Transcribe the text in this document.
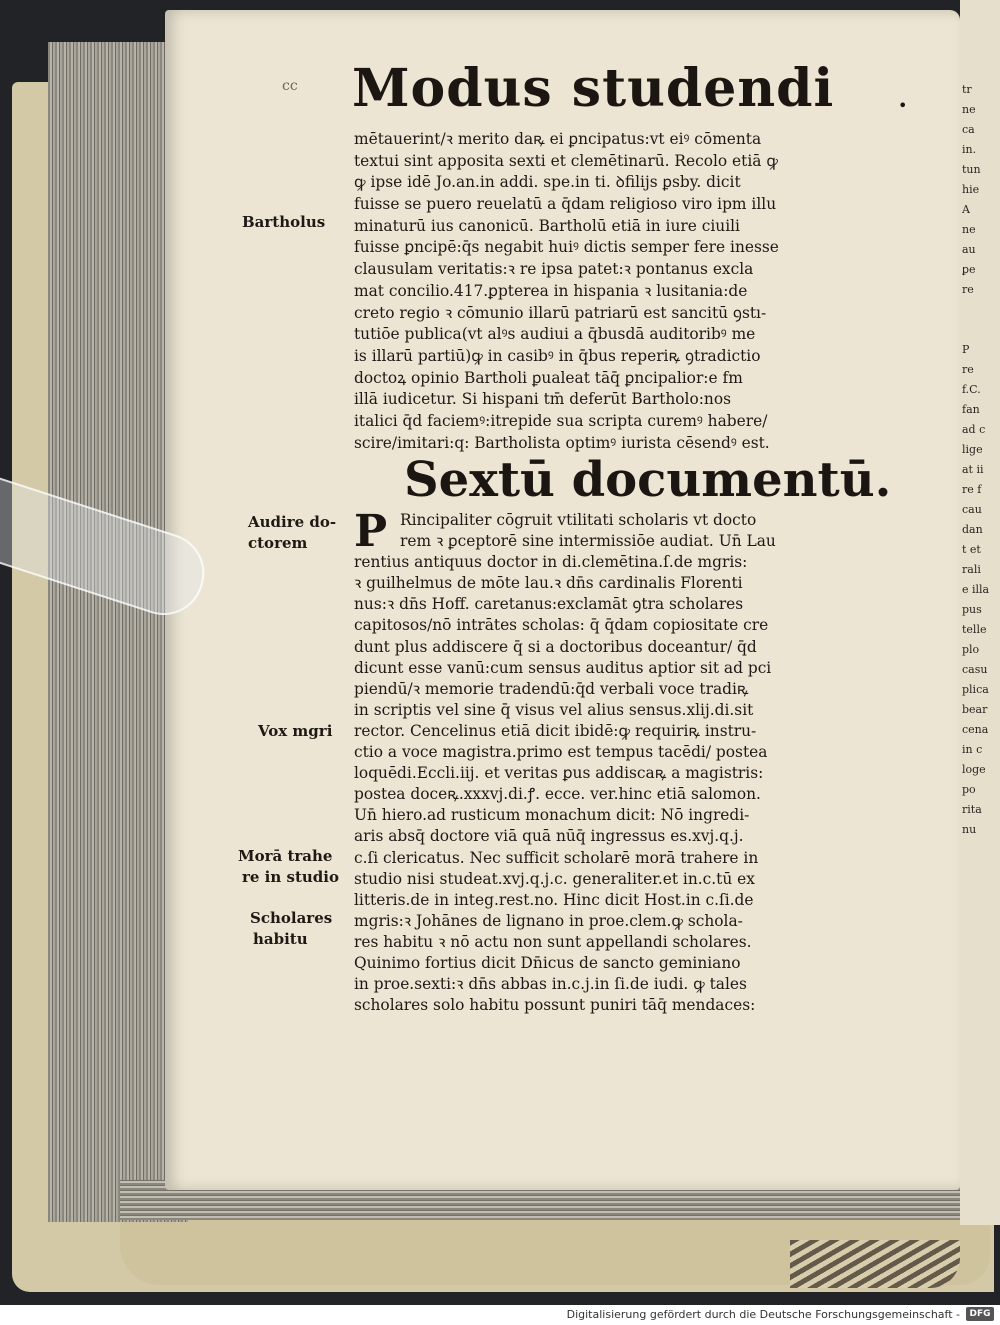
tr
ne
ca
in.
tun
hie
A
ne
au
ꝑe
re

P
re
f.C.
fan
ad c
lige
at ii
re f
cau
dan
t et
rali
e illa
pus
telle
plo
casu
plica
bear
cena
in c
loge
po
rita
nu
cc Modus studendi	•
mētauerint/ꝛ merito daꝶ ei ꝑncipatus:vt eiꝰ cōmenta
textui sint apposita sexti et clemētinarū. Recolo etiā ꝙ
ꝙ ipse idē Jo.an.in addi. spe.in ti. ꝺfilijs ꝑsby. dicit
fuisse se puero reuelatū a q̄dam religioso viro ipm illu
minaturū ius canonicū. Bartholū etiā in iure ciuili
fuisse ꝑncipē:q̄s negabit huiꝰ dictis semper fere inesse
clausulam veritatis:ꝛ re ipsa patet:ꝛ pontanus excla
mat concilio.417.ꝑpterea in hispania ꝛ lusitania:de
creto regio ꝛ cōmunio illarū patriarū est sancitū ꝯstı-
tutiōe publica(vt alꝰs audiui a q̄busdā auditoribꝰ me
is illarū partiū)ꝙ in casibꝰ in q̄bus reperiꝶ ꝯtradictio
doctoꝝ opinio Bartholi ꝑualeat tāq̄ ꝑncipalior:e fm
illā iudicetur. Si hispani tm̄ deferūt Bartholo:nos
italici q̄d faciemꝰ:itrepide sua scripta curemꝰ habere/
scire/imitari:q: Bartholista optimꝰ iurista cēsendꝰ est.
Sextū documentū.
P Rincipaliter cōgruit vtilitati scholaris vt docto
rem ꝛ ꝑceptorē sine intermissiōe audiat. Un̄ Lau
rentius antiquus doctor in di.clemētina.ſ.de mgris:
ꝛ guilhelmus de mōte lau.ꝛ dn̄s cardinalis Florenti
nus:ꝛ dn̄s Hoff. caretanus:exclamāt ꝯtra scholares
capitosos/nō intrātes scholas: q̄ q̄dam copiositate cre
dunt plus addiscere q̄ si a doctoribus doceantur/ q̄d
dicunt esse vanū:cum sensus auditus aptior sit ad pci
piendū/ꝛ memorie tradendū:q̄d verbali voce tradiꝶ
in scriptis vel sine q̄ visus vel alius sensus.xlij.di.sit
rector. Cencelinus etiā dicit ibidē:ꝙ requiriꝶ instru-
ctio a voce magistra.primo est tempus tacēdi/ postea
loquēdi.Eccli.iij. et veritas ꝑus addiscaꝶ a magistris:
postea doceꝶ.xxxvj.di.ꝭ. ecce. ver.hinc etiā salomon.
Un̄ hiero.ad rusticum monachum dicit: Nō ingredi-
aris absq̄ doctore viā quā nūq̄ ingressus es.xvj.q.j.
c.ſi clericatus. Nec sufficit scholarē morā trahere in
studio nisi studeat.xvj.q.j.c. generaliter.et in.c.tū ex
litteris.de in integ.rest.no. Hinc dicit Host.in c.ſi.de
mgris:ꝛ Johānes de lignano in proe.clem.ꝙ schola-
res habitu ꝛ nō actu non sunt appellandi scholares.
Quinimo fortius dicit Dn̄icus de sancto geminiano
in proe.sexti:ꝛ dn̄s abbas in.c.j.in ſi.de iudi. ꝙ tales
scholares solo habitu possunt puniri tāq̄ mendaces:
Bartholus
Audire do-
ctorem
Vox mgri
Morā trahe
re in studio
Scholares
habitu
Digitalisierung gefördert durch die Deutsche Forschungsgemeinschaft -	DFG
